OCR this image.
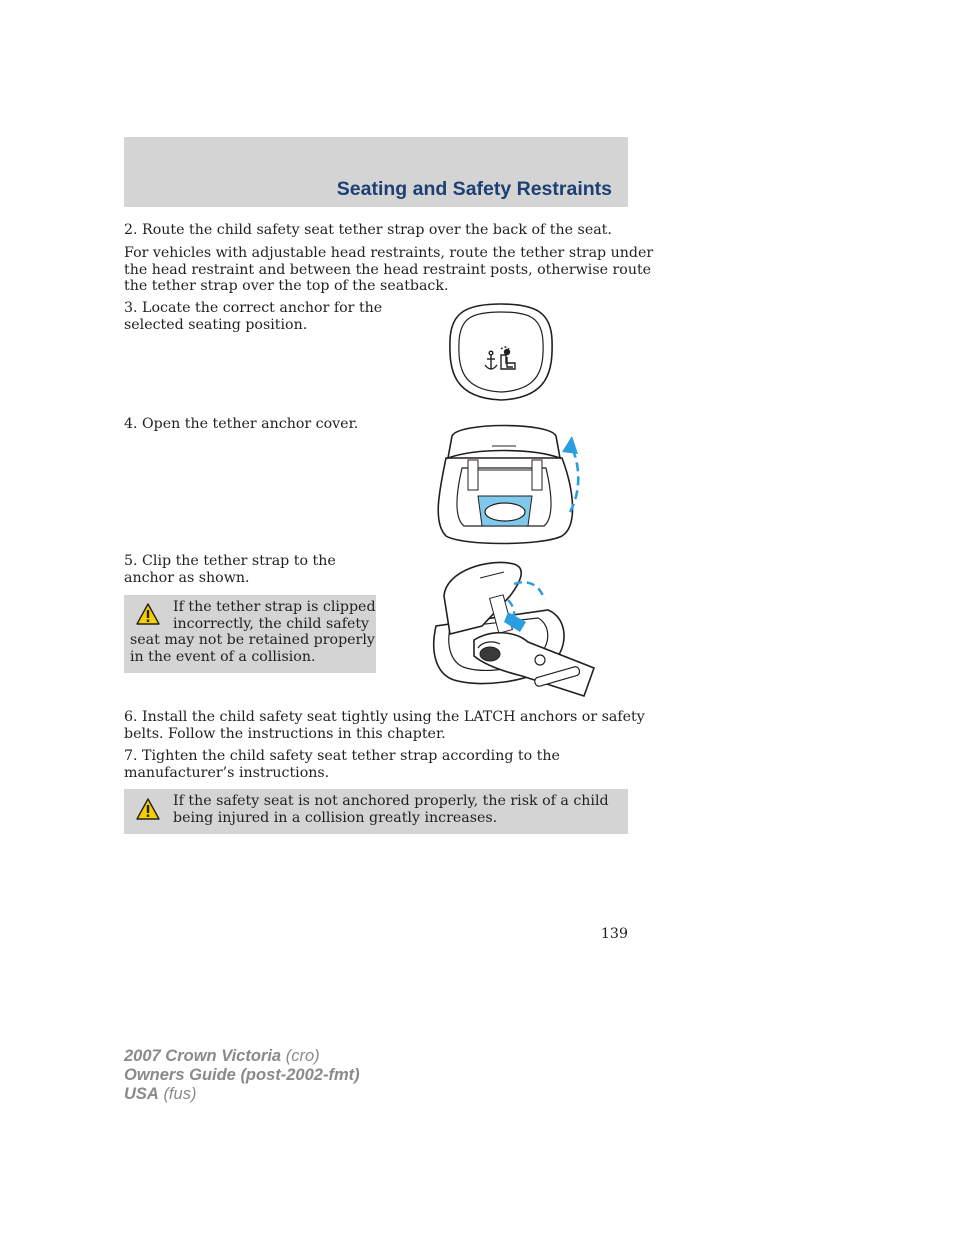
Seating and Safety Restraints
2. Route the child safety seat tether strap over the back of the seat.
For vehicles with adjustable head restraints, route the tether strap under
the head restraint and between the head restraint posts, otherwise route
the tether strap over the top of the seatback.
3. Locate the correct anchor for the
selected seating position.
4. Open the tether anchor cover.
5. Clip the tether strap to the
anchor as shown.
If the tether strap is clipped
incorrectly, the child safety
seat may not be retained properly
in the event of a collision.
6. Install the child safety seat tightly using the LATCH anchors or safety
belts. Follow the instructions in this chapter.
7. Tighten the child safety seat tether strap according to the
manufacturer’s instructions.
If the safety seat is not anchored properly, the risk of a child
being injured in a collision greatly increases.
139
2007 Crown Victoria (cro)
Owners Guide (post-2002-fmt)
USA (fus)
